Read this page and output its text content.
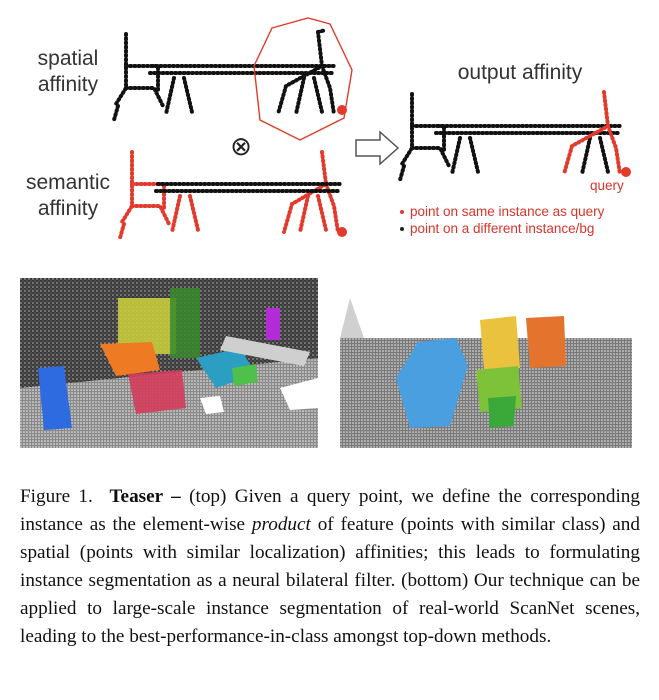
spatial
affinity
semantic
affinity
output affinity
⊗
query
point on same instance as query
point on a different instance/bg
Figure 1. Teaser – (top) Given a query point, we define the corresponding instance as the element-wise product of feature (points with similar class) and spatial (points with similar localization) affinities; this leads to formulating instance segmentation as a neural bilateral filter. (bottom) Our technique can be applied to large-scale instance segmentation of real-world ScanNet scenes, leading to the best-performance-in-class amongst top-down methods.
